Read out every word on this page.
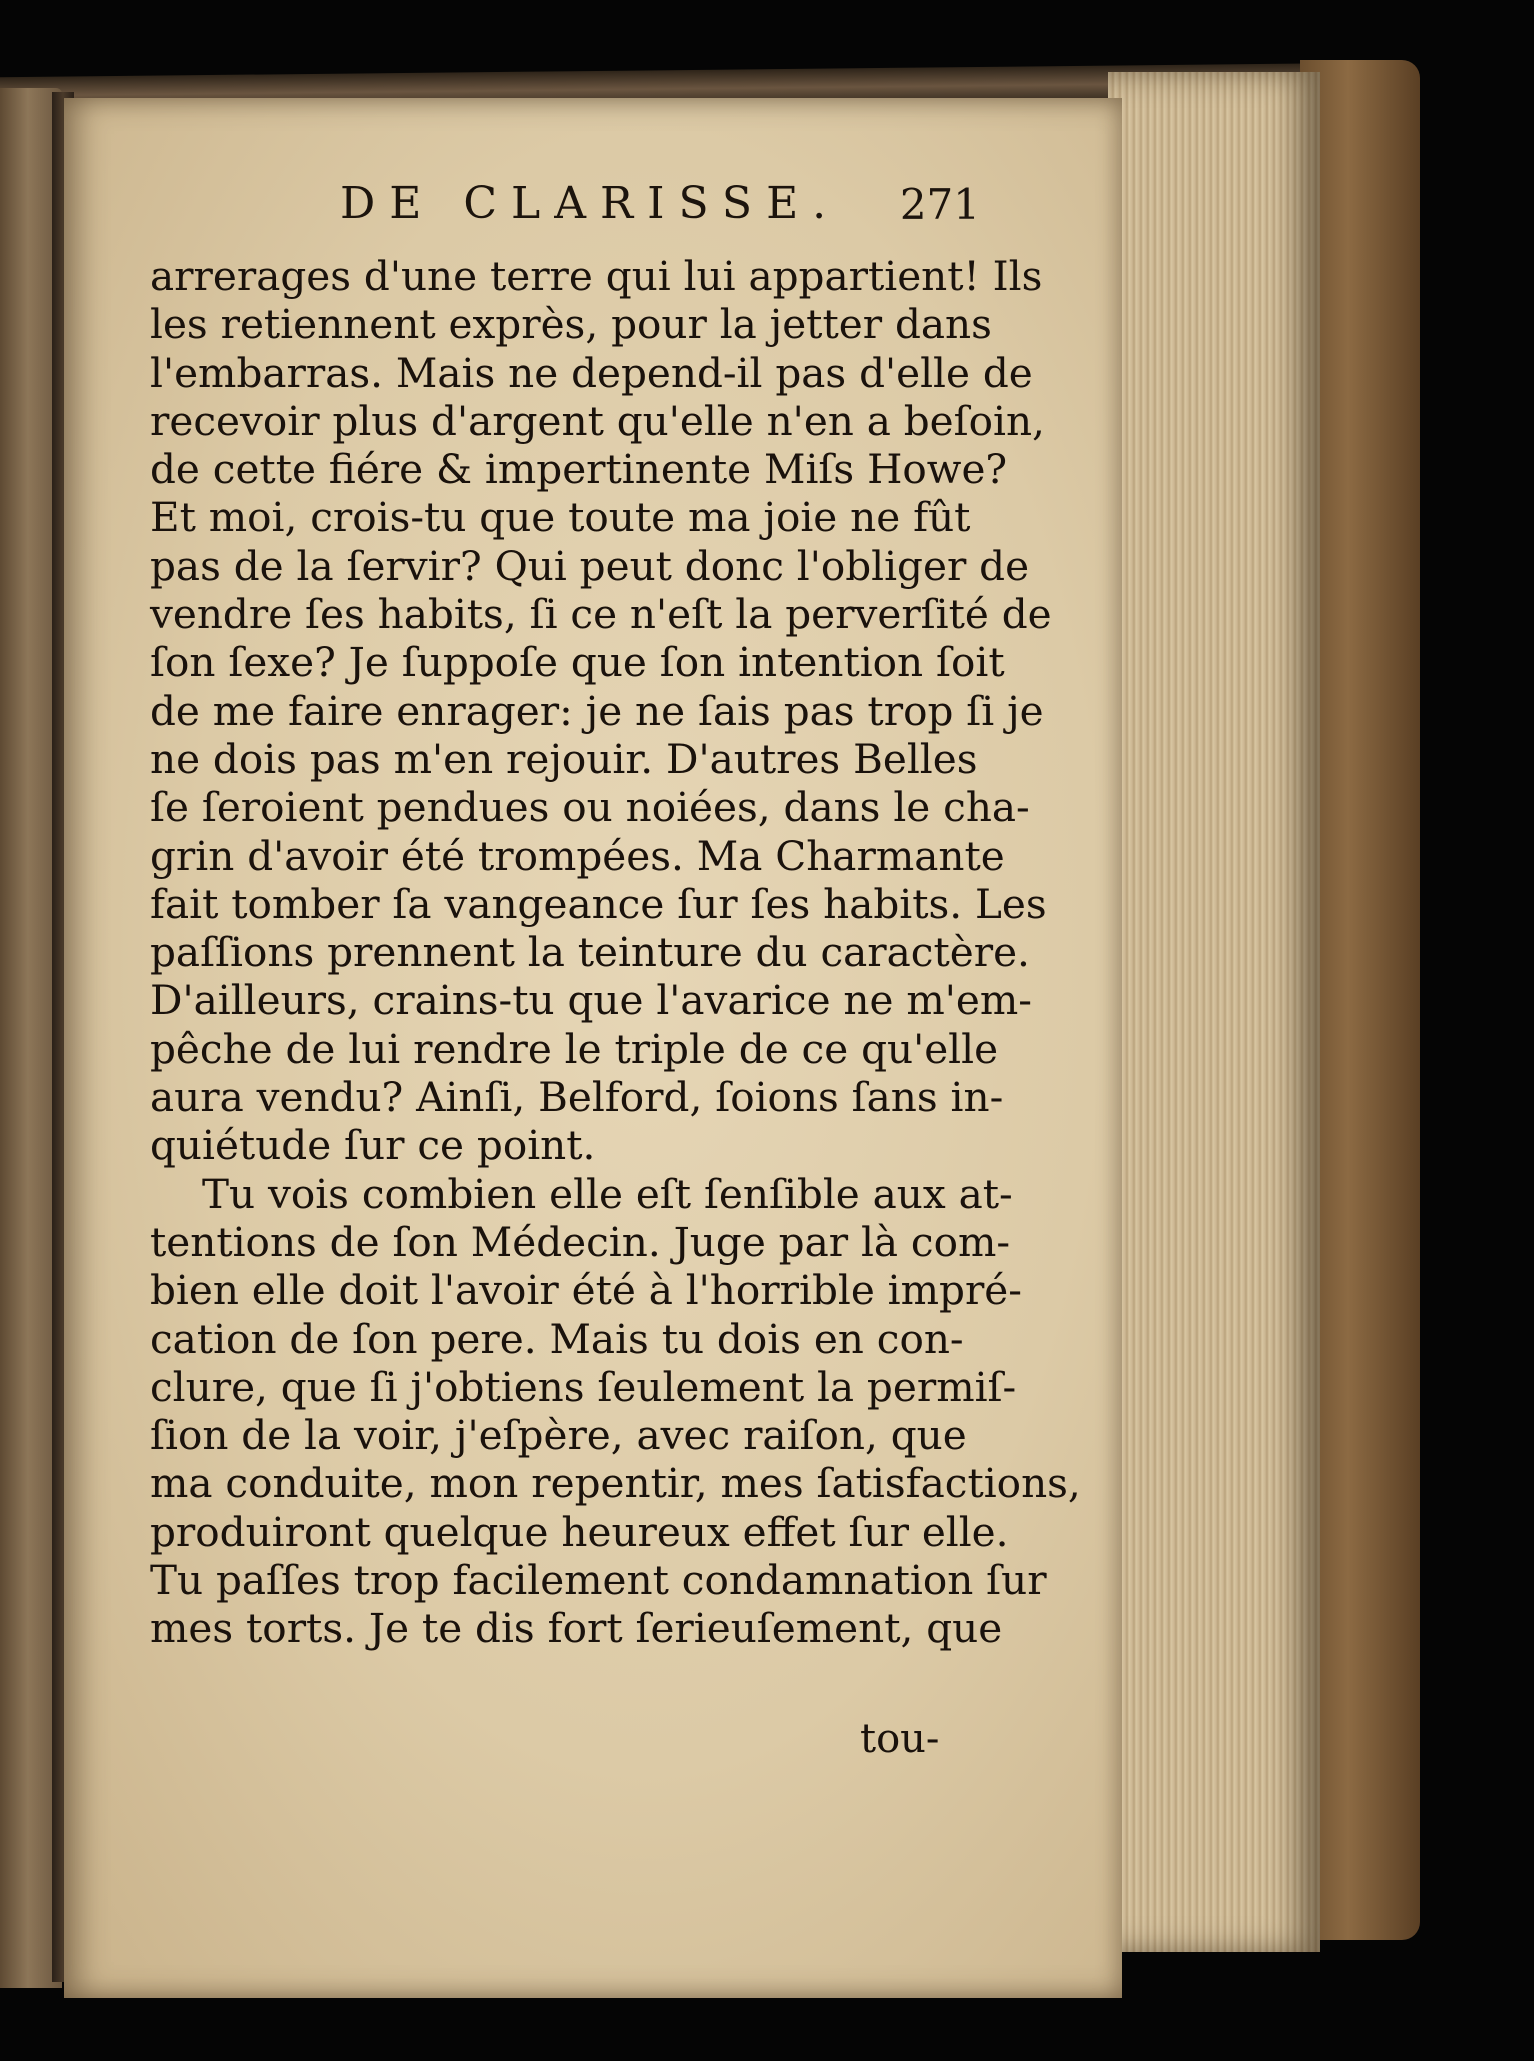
DE CLARISSE. 271
arrerages d'une terre qui lui appartient! Ils
les retiennent exprès, pour la jetter dans
l'embarras. Mais ne depend-il pas d'elle de
recevoir plus d'argent qu'elle n'en a beſoin,
de cette fiére & impertinente Miſs Howe?
Et moi, crois-tu que toute ma joie ne fût
pas de la ſervir? Qui peut donc l'obliger de
vendre ſes habits, ſi ce n'eſt la perverſité de
ſon ſexe? Je ſuppoſe que ſon intention ſoit
de me faire enrager: je ne ſais pas trop ſi je
ne dois pas m'en rejouir. D'autres Belles
ſe ſeroient pendues ou noiées, dans le cha-
grin d'avoir été trompées. Ma Charmante
fait tomber ſa vangeance ſur ſes habits. Les
paſſions prennent la teinture du caractère.
D'ailleurs, crains-tu que l'avarice ne m'em-
pêche de lui rendre le triple de ce qu'elle
aura vendu? Ainſi, Belford, ſoions ſans in-
quiétude ſur ce point.
Tu vois combien elle eſt ſenſible aux at-
tentions de ſon Médecin. Juge par là com-
bien elle doit l'avoir été à l'horrible impré-
cation de ſon pere. Mais tu dois en con-
clure, que ſi j'obtiens ſeulement la permiſ-
ſion de la voir, j'eſpère, avec raiſon, que
ma conduite, mon repentir, mes ſatisfactions,
produiront quelque heureux effet ſur elle.
Tu paſſes trop facilement condamnation ſur
mes torts. Je te dis fort ſerieuſement, que
tou-
